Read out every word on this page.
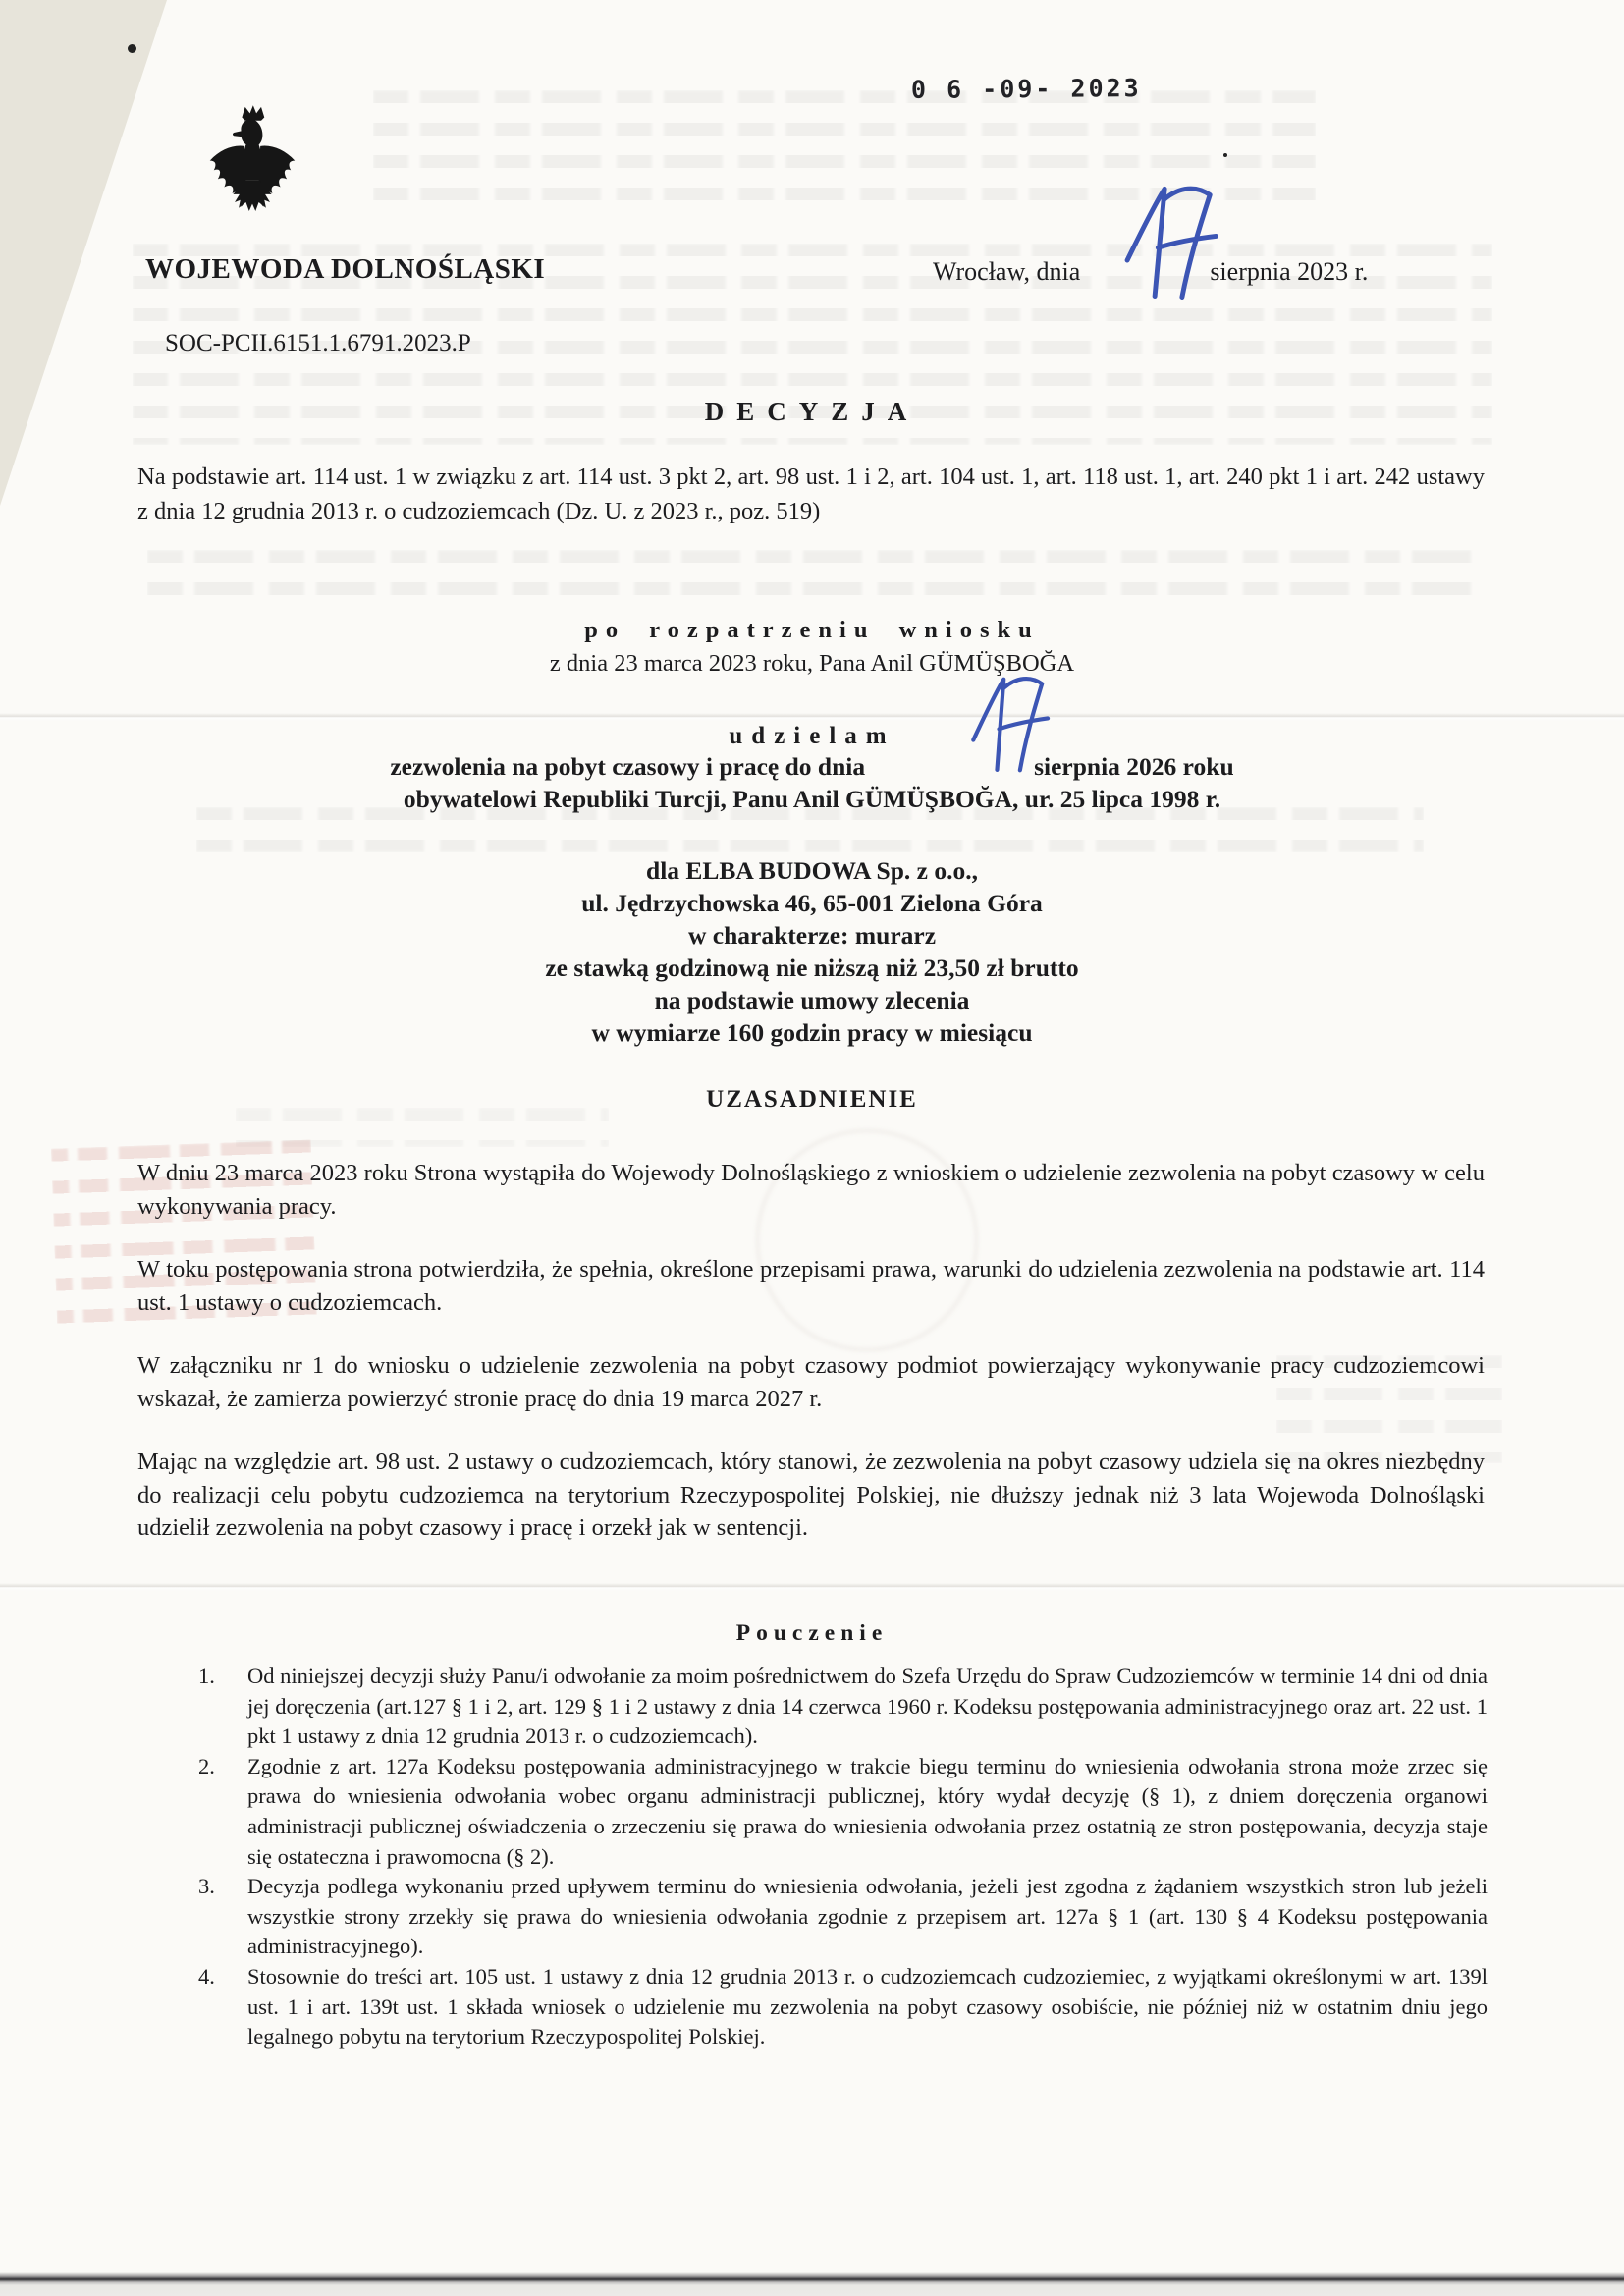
0 6 -09- 2023
WOJEWODA DOLNOŚLĄSKI	Wrocław, dnia	sierpnia 2023 r.
SOC-PCII.6151.1.6791.2023.P
DECYZJA
Na podstawie art. 114 ust. 1 w związku z art. 114 ust. 3 pkt 2, art. 98 ust. 1 i 2, art. 104 ust. 1, art. 118 ust. 1, art. 240 pkt 1 i art. 242 ustawy z dnia 12 grudnia 2013 r. o cudzoziemcach (Dz. U. z 2023 r., poz. 519)
po rozpatrzeniu wniosku
z dnia 23 marca 2023 roku, Pana Anil GÜMÜŞBOĞA
udzielam
zezwolenia na pobyt czasowy i pracę do dnia	sierpnia 2026 roku
obywatelowi Republiki Turcji, Panu Anil GÜMÜŞBOĞA, ur. 25 lipca 1998 r.
dla ELBA BUDOWA Sp. z o.o.,
ul. Jędrzychowska 46, 65-001 Zielona Góra
w charakterze: murarz
ze stawką godzinową nie niższą niż 23,50 zł brutto
na podstawie umowy zlecenia
w wymiarze 160 godzin pracy w miesiącu
UZASADNIENIE
W dniu 23 marca 2023 roku Strona wystąpiła do Wojewody Dolnośląskiego z wnioskiem o udzielenie zezwolenia na pobyt czasowy w celu wykonywania pracy.
W toku postępowania strona potwierdziła, że spełnia, określone przepisami prawa, warunki do udzielenia zezwolenia na podstawie art. 114 ust. 1 ustawy o cudzoziemcach.
W załączniku nr 1 do wniosku o udzielenie zezwolenia na pobyt czasowy podmiot powierzający wykonywanie pracy cudzoziemcowi wskazał, że zamierza powierzyć stronie pracę do dnia 19 marca 2027 r.
Mając na względzie art. 98 ust. 2 ustawy o cudzoziemcach, który stanowi, że zezwolenia na pobyt czasowy udziela się na okres niezbędny do realizacji celu pobytu cudzoziemca na terytorium Rzeczypospolitej Polskiej, nie dłuższy jednak niż 3 lata Wojewoda Dolnośląski udzielił zezwolenia na pobyt czasowy i pracę i orzekł jak w sentencji.
Pouczenie
1. Od niniejszej decyzji służy Panu/i odwołanie za moim pośrednictwem do Szefa Urzędu do Spraw Cudzoziemców w terminie 14 dni od dnia jej doręczenia (art.127 § 1 i 2, art. 129 § 1 i 2 ustawy z dnia 14 czerwca 1960 r. Kodeksu postępowania administracyjnego oraz art. 22 ust. 1 pkt 1 ustawy z dnia 12 grudnia 2013 r. o cudzoziemcach).
2. Zgodnie z art. 127a Kodeksu postępowania administracyjnego w trakcie biegu terminu do wniesienia odwołania strona może zrzec się prawa do wniesienia odwołania wobec organu administracji publicznej, który wydał decyzję (§ 1), z dniem doręczenia organowi administracji publicznej oświadczenia o zrzeczeniu się prawa do wniesienia odwołania przez ostatnią ze stron postępowania, decyzja staje się ostateczna i prawomocna (§ 2).
3. Decyzja podlega wykonaniu przed upływem terminu do wniesienia odwołania, jeżeli jest zgodna z żądaniem wszystkich stron lub jeżeli wszystkie strony zrzekły się prawa do wniesienia odwołania zgodnie z przepisem art. 127a § 1 (art. 130 § 4 Kodeksu postępowania administracyjnego).
4. Stosownie do treści art. 105 ust. 1 ustawy z dnia 12 grudnia 2013 r. o cudzoziemcach cudzoziemiec, z wyjątkami określonymi w art. 139l ust. 1 i art. 139t ust. 1 składa wniosek o udzielenie mu zezwolenia na pobyt czasowy osobiście, nie później niż w ostatnim dniu jego legalnego pobytu na terytorium Rzeczypospolitej Polskiej.
